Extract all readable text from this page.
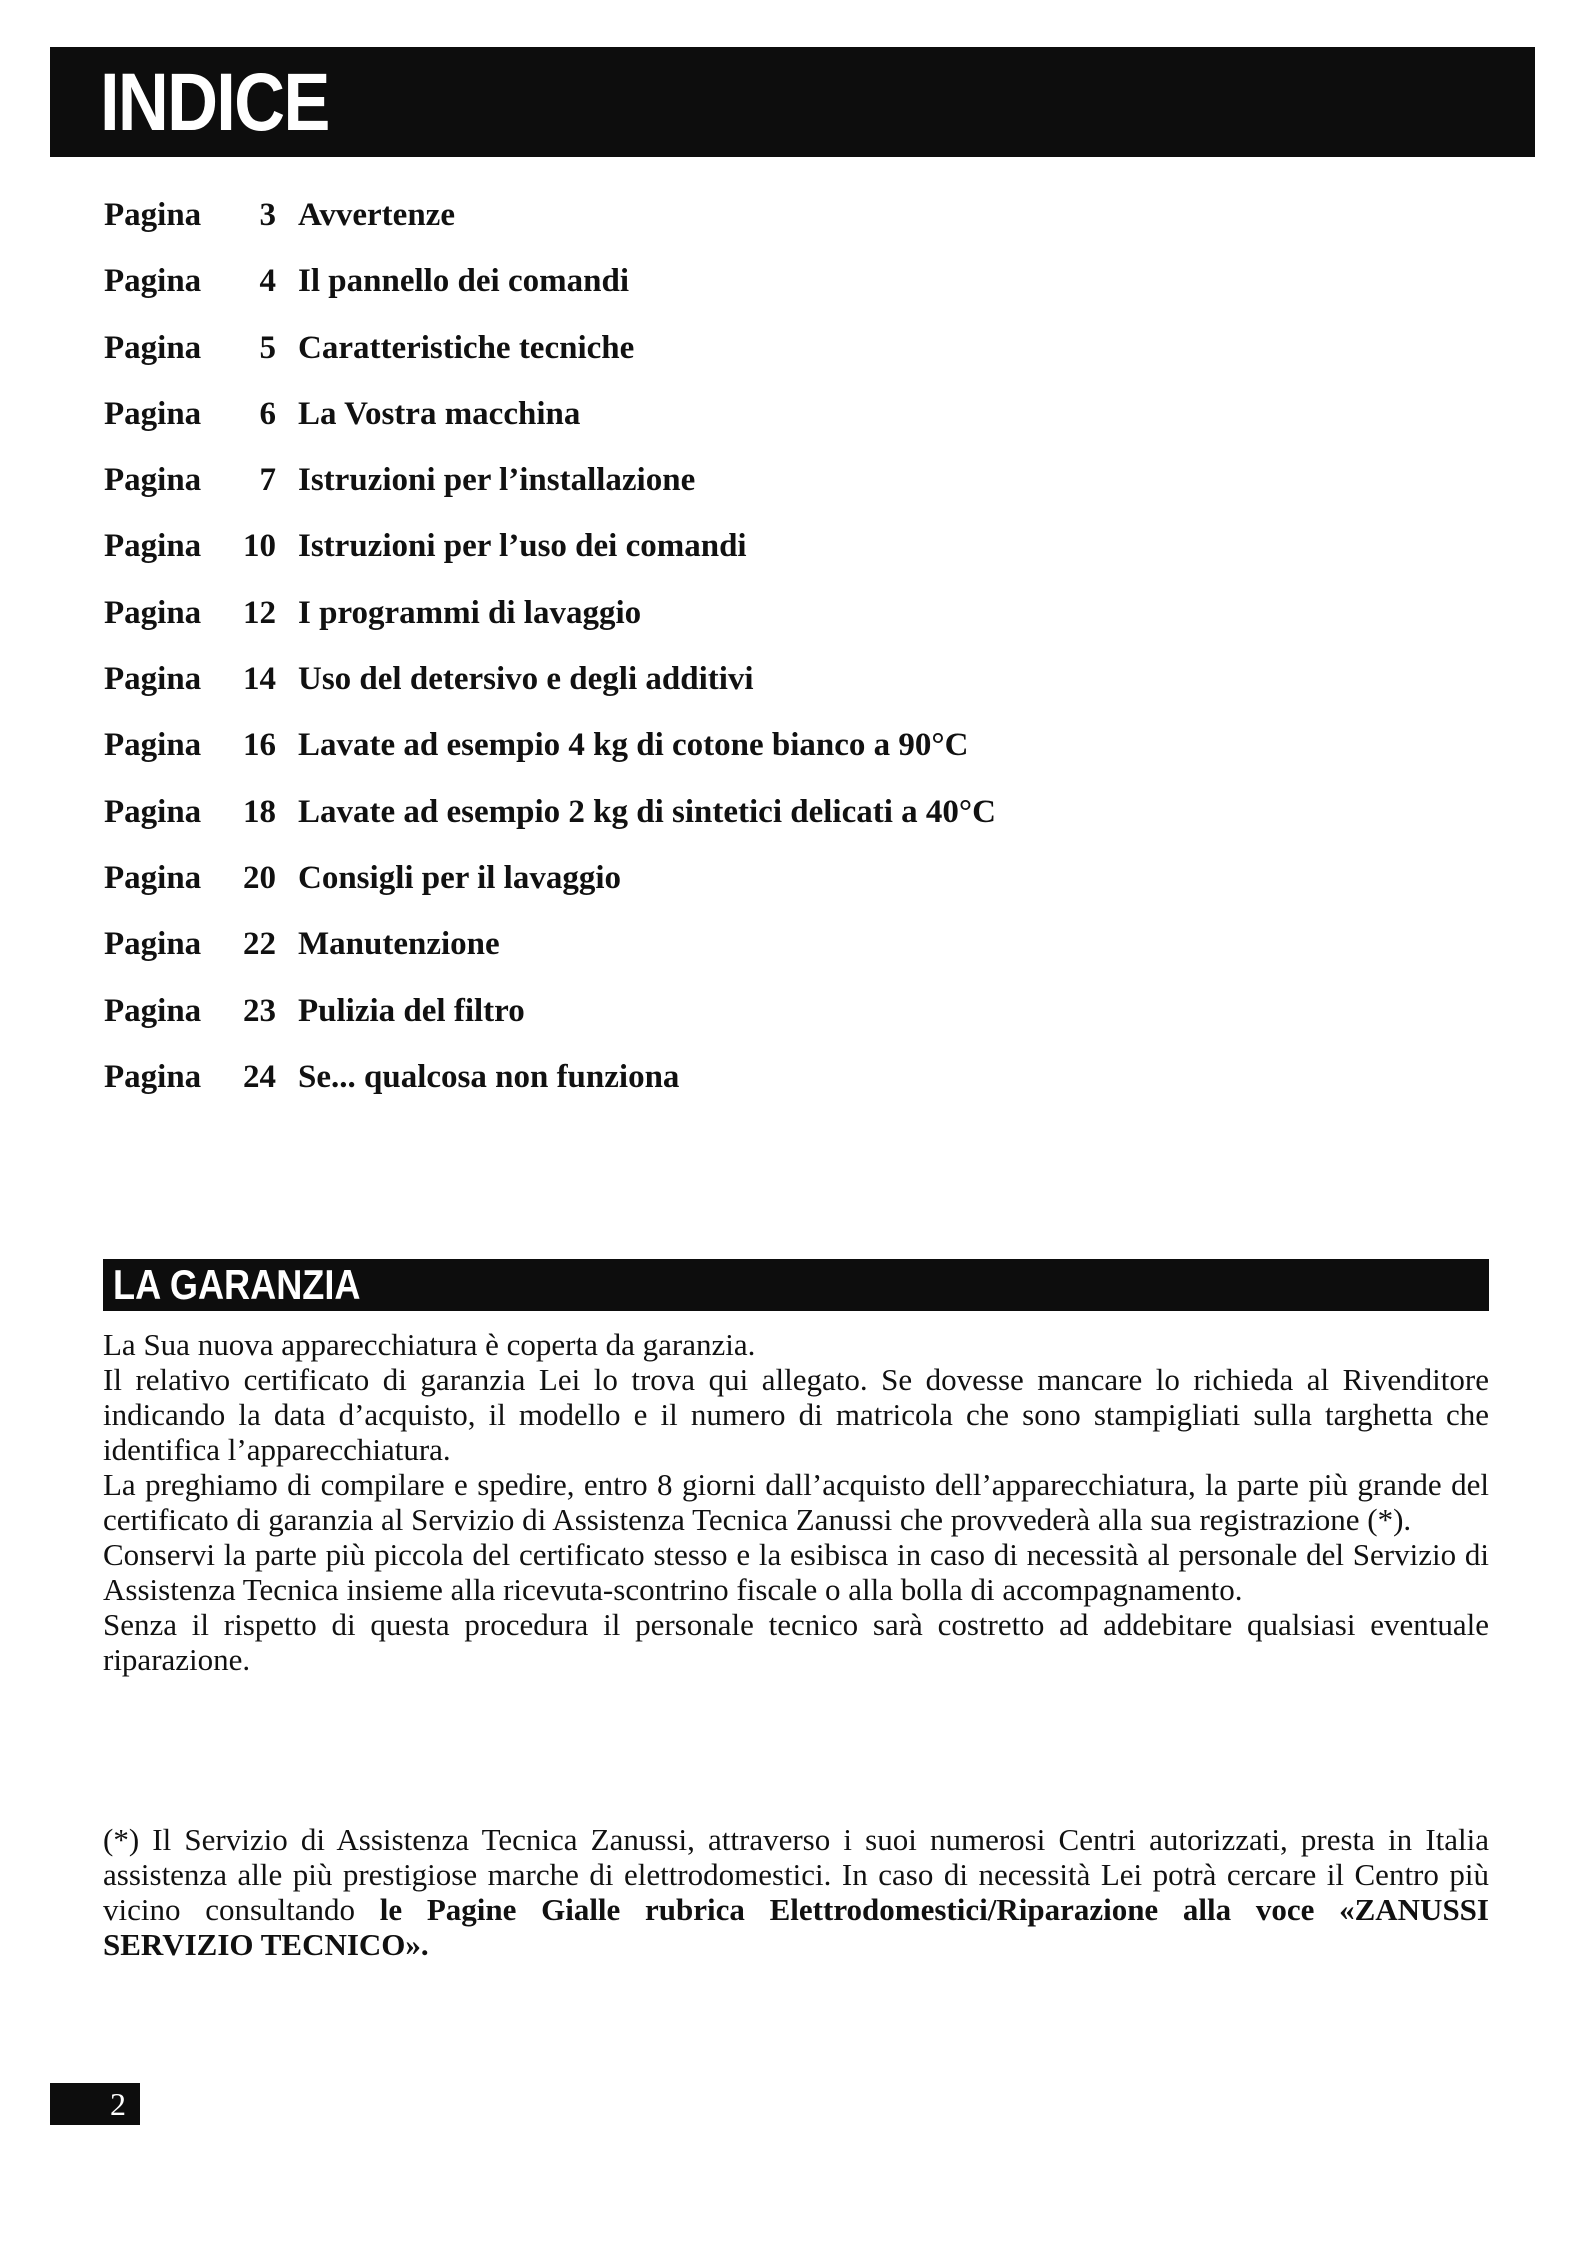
INDICE
Pagina	3 Avvertenze
Pagina	4 Il pannello dei comandi
Pagina	5 Caratteristiche tecniche
Pagina	6 La Vostra macchina
Pagina	7 Istruzioni per l’installazione
Pagina	10 Istruzioni per l’uso dei comandi
Pagina	12 I programmi di lavaggio
Pagina	14 Uso del detersivo e degli additivi
Pagina	16 Lavate ad esempio 4 kg di cotone bianco a 90°C
Pagina	18 Lavate ad esempio 2 kg di sintetici delicati a 40°C
Pagina	20 Consigli per il lavaggio
Pagina	22 Manutenzione
Pagina	23 Pulizia del filtro
Pagina	24 Se... qualcosa non funziona
LA GARANZIA

La Sua nuova apparecchiatura è coperta da garanzia.

Il relativo certificato di garanzia Lei lo trova qui allegato. Se dovesse mancare lo richieda al Rivenditore indicando la data d’acquisto, il modello e il numero di matricola che sono stampigliati sulla targhetta che identifica l’apparecchiatura.

La preghiamo di compilare e spedire, entro 8 giorni dall’acquisto dell’apparecchiatura, la parte più grande del certificato di garanzia al Servizio di Assistenza Tecnica Zanussi che provvederà alla sua registrazione (*).

Conservi la parte più piccola del certificato stesso e la esibisca in caso di necessità al personale del Servizio di Assistenza Tecnica insieme alla ricevuta-scontrino fiscale o alla bolla di accompagnamento.

Senza il rispetto di questa procedura il personale tecnico sarà costretto ad addebitare qualsiasi eventuale riparazione.

(*) Il Servizio di Assistenza Tecnica Zanussi, attraverso i suoi numerosi Centri autorizzati, presta in Italia assistenza alle più prestigiose marche di elettrodomestici. In caso di necessità Lei potrà cercare il Centro più vicino consultando le Pagine Gialle rubrica Elettrodomestici/Riparazione alla voce «ZANUSSI SERVIZIO TECNICO».

2
